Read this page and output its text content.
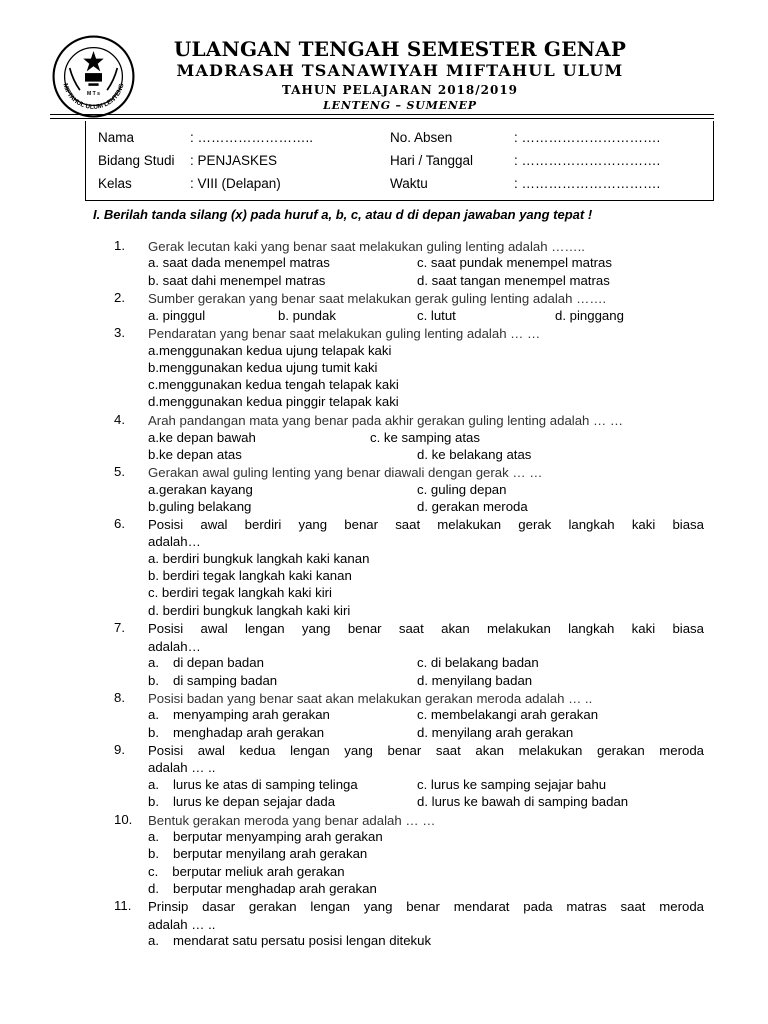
MIFTAHUL ULUM LENTENG
M T s
ULANGAN TENGAH SEMESTER GENAP
MADRASAH TSANAWIYAH MIFTAHUL ULUM
TAHUN PELAJARAN 2018/2019
LENTENG – SUMENEP
Nama	: ……………………..	No. Absen	: ………………………….
Bidang Studi : PENJASKES	Hari / Tanggal	: ………………………….
Kelas	: VIII (Delapan)	Waktu	: ………………………….
I. Berilah tanda silang (x) pada huruf a, b, c, atau d di depan jawaban yang tepat !
1.	Gerak lecutan kaki yang benar saat melakukan guling lenting adalah ……..
a. saat dada menempel matras	c. saat pundak menempel matras
b. saat dahi menempel matras	d. saat tangan menempel matras
2.	Sumber gerakan yang benar saat melakukan gerak guling lenting adalah …….
a. pinggul	b. pundak	c. lutut	d. pinggang
3.	Pendaratan yang benar saat melakukan guling lenting adalah … …
a.menggunakan kedua ujung telapak kaki
b.menggunakan kedua ujung tumit kaki
c.menggunakan kedua tengah telapak kaki
d.menggunakan kedua pinggir telapak kaki
4.	Arah pandangan mata yang benar pada akhir gerakan guling lenting adalah … …
a.ke depan bawah	c. ke samping atas
b.ke depan atas	d. ke belakang atas
5.	Gerakan awal guling lenting yang benar diawali dengan gerak … …
a.gerakan kayang	c. guling depan
b.guling belakang	d. gerakan meroda
6.	Posisi awal berdiri yang benar saat melakukan gerak langkah kaki biasa
adalah…
a. berdiri bungkuk langkah kaki kanan
b. berdiri tegak langkah kaki kanan
c. berdiri tegak langkah kaki kiri
d. berdiri bungkuk langkah kaki kiri
7.	Posisi awal lengan yang benar saat akan melakukan langkah kaki biasa
adalah…
a. di depan badan	c. di belakang badan
b. di samping badan	d. menyilang badan
8.	Posisi badan yang benar saat akan melakukan gerakan meroda adalah … ..
a. menyamping arah gerakan	c. membelakangi arah gerakan
b. menghadap arah gerakan	d. menyilang arah gerakan
9.	Posisi awal kedua lengan yang benar saat akan melakukan gerakan meroda
adalah … ..
a. lurus ke atas di samping telinga	c. lurus ke samping sejajar bahu
b. lurus ke depan sejajar dada	d. lurus ke bawah di samping badan
10.	Bentuk gerakan meroda yang benar adalah … …
a. berputar menyamping arah gerakan
b. berputar menyilang arah gerakan
c. berputar meliuk arah gerakan
d. berputar menghadap arah gerakan
11.	Prinsip dasar gerakan lengan yang benar mendarat pada matras saat meroda
adalah … ..
a. mendarat satu persatu posisi lengan ditekuk
